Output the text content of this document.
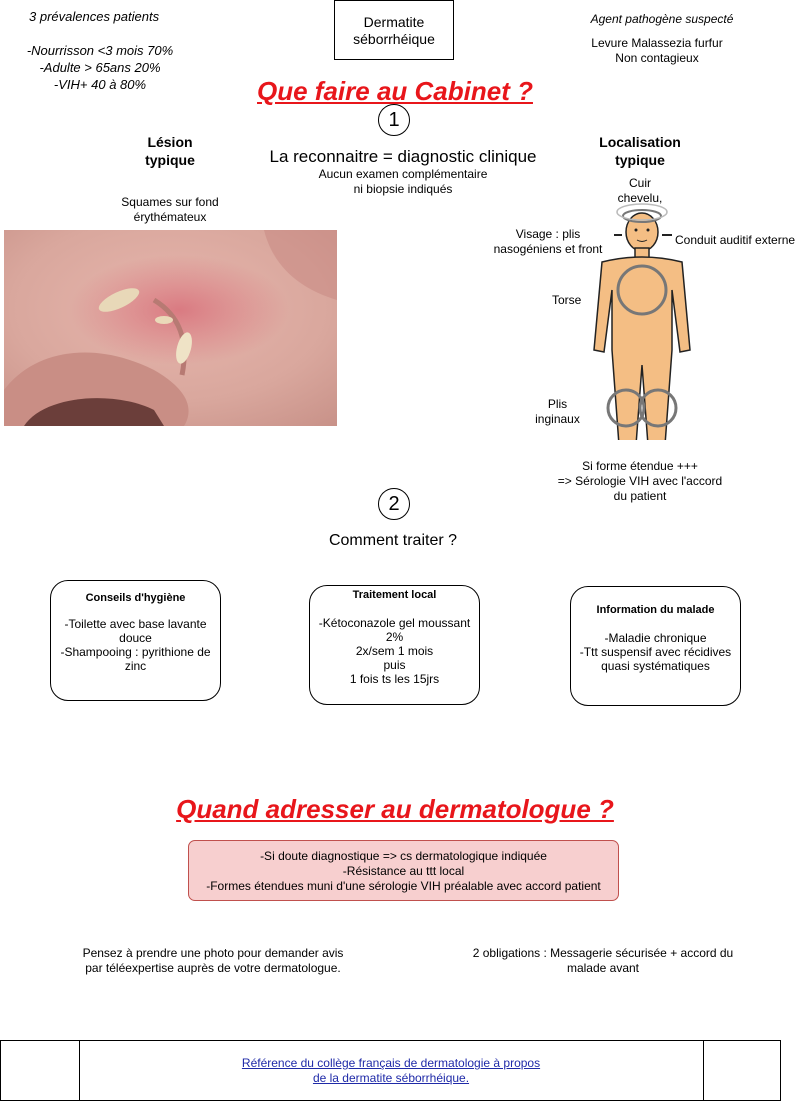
3 prévalences patients
-Nourrisson <3 mois 70%
-Adulte > 65ans 20%
-VIH+ 40 à 80%
Dermatite
séborrhéique
Agent pathogène suspecté
Levure Malassezia furfur
Non contagieux
Que faire au Cabinet ?
1
La reconnaitre = diagnostic clinique
Aucun examen complémentaire
ni biopsie indiqués
Lésion
typique
Squames sur fond
érythémateux
Localisation
typique
Cuir
chevelu,
Visage : plis
nasogéniens et front
Conduit auditif externe
Torse
Plis
inginaux
Si forme étendue +++
=> Sérologie VIH avec l'accord
du patient
2
Comment traiter ?
Conseils d'hygiène
-Toilette avec base lavante
douce
-Shampooing : pyrithione de
zinc
Traitement local
-Kétoconazole gel moussant
2%
2x/sem 1 mois
puis
1 fois ts les 15jrs
Information du malade
-Maladie chronique
-Ttt suspensif avec récidives
quasi systématiques
Quand adresser au dermatologue ?
-Si doute diagnostique => cs dermatologique indiquée
-Résistance au ttt local
-Formes étendues muni d'une sérologie VIH préalable avec accord patient
Pensez à prendre une photo pour demander avis
par téléexpertise auprès de votre dermatologue.
2 obligations : Messagerie sécurisée + accord du
malade avant
Référence du collège français de dermatologie à propos
de la dermatite séborrhéique.
